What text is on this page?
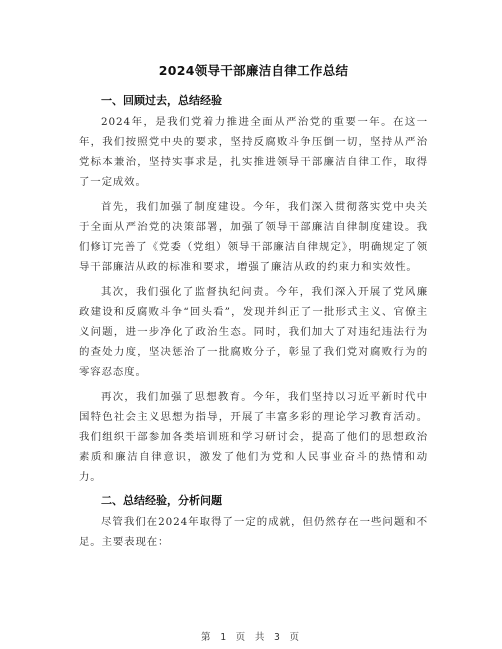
2024领导干部廉洁自律工作总结
一、回顾过去，总结经验

2024年，是我们党着力推进全面从严治党的重要一年。在这一年，我们按照党中央的要求，坚持反腐败斗争压倒一切，坚持从严治党标本兼治，坚持实事求是，扎实推进领导干部廉洁自律工作，取得了一定成效。

首先，我们加强了制度建设。今年，我们深入贯彻落实党中央关于全面从严治党的决策部署，加强了领导干部廉洁自律制度建设。我们修订完善了《党委（党组）领导干部廉洁自律规定》，明确规定了领导干部廉洁从政的标准和要求，增强了廉洁从政的约束力和实效性。

其次，我们强化了监督执纪问责。今年，我们深入开展了党风廉政建设和反腐败斗争“回头看”，发现并纠正了一批形式主义、官僚主义问题，进一步净化了政治生态。同时，我们加大了对违纪违法行为的查处力度，坚决惩治了一批腐败分子，彰显了我们党对腐败行为的零容忍态度。

再次，我们加强了思想教育。今年，我们坚持以习近平新时代中国特色社会主义思想为指导，开展了丰富多彩的理论学习教育活动。我们组织干部参加各类培训班和学习研讨会，提高了他们的思想政治素质和廉洁自律意识，激发了他们为党和人民事业奋斗的热情和动力。

二、总结经验，分析问题

尽管我们在2024年取得了一定的成就，但仍然存在一些问题和不足。主要表现在：

第 1 页 共 3 页
